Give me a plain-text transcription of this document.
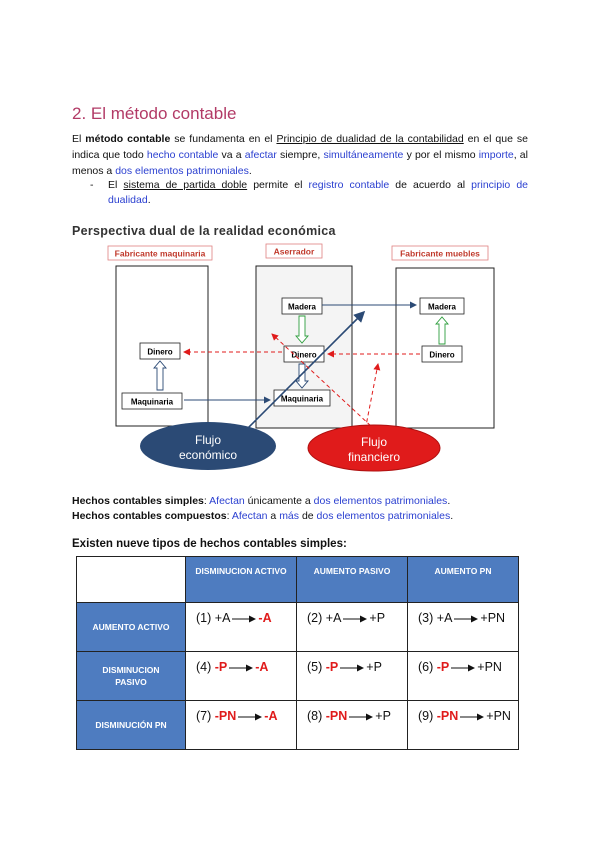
2. El método contable
El método contable se fundamenta en el Principio de dualidad de la contabilidad en el que se indica que todo hecho contable va a afectar siempre, simultáneamente y por el mismo importe, al menos a dos elementos patrimoniales.
- El sistema de partida doble permite el registro contable de acuerdo al principio de dualidad.
Perspectiva dual de la realidad económica
Fabricante maquinaria	Aserrador	Fabricante muebles
Dinero
Maquinaria
Madera
Dinero
Maquinaria
Madera
Dinero
Flujo
económico
Flujo
financiero
Hechos contables simples: Afectan únicamente a dos elementos patrimoniales.
Hechos contables compuestos: Afectan a más de dos elementos patrimoniales.
Existen nueve tipos de hechos contables simples:
	DISMINUCION ACTIVO	AUMENTO PASIVO	AUMENTO PN

AUMENTO ACTIVO	(1) +A -A	(2) +A +P	(3) +A +PN

DISMINUCION
PASIVO	(4) -P -A	(5) -P +P	(6) -P +PN

DISMINUCIÓN PN	(7) -PN -A	(8) -PN +P	(9) -PN +PN
